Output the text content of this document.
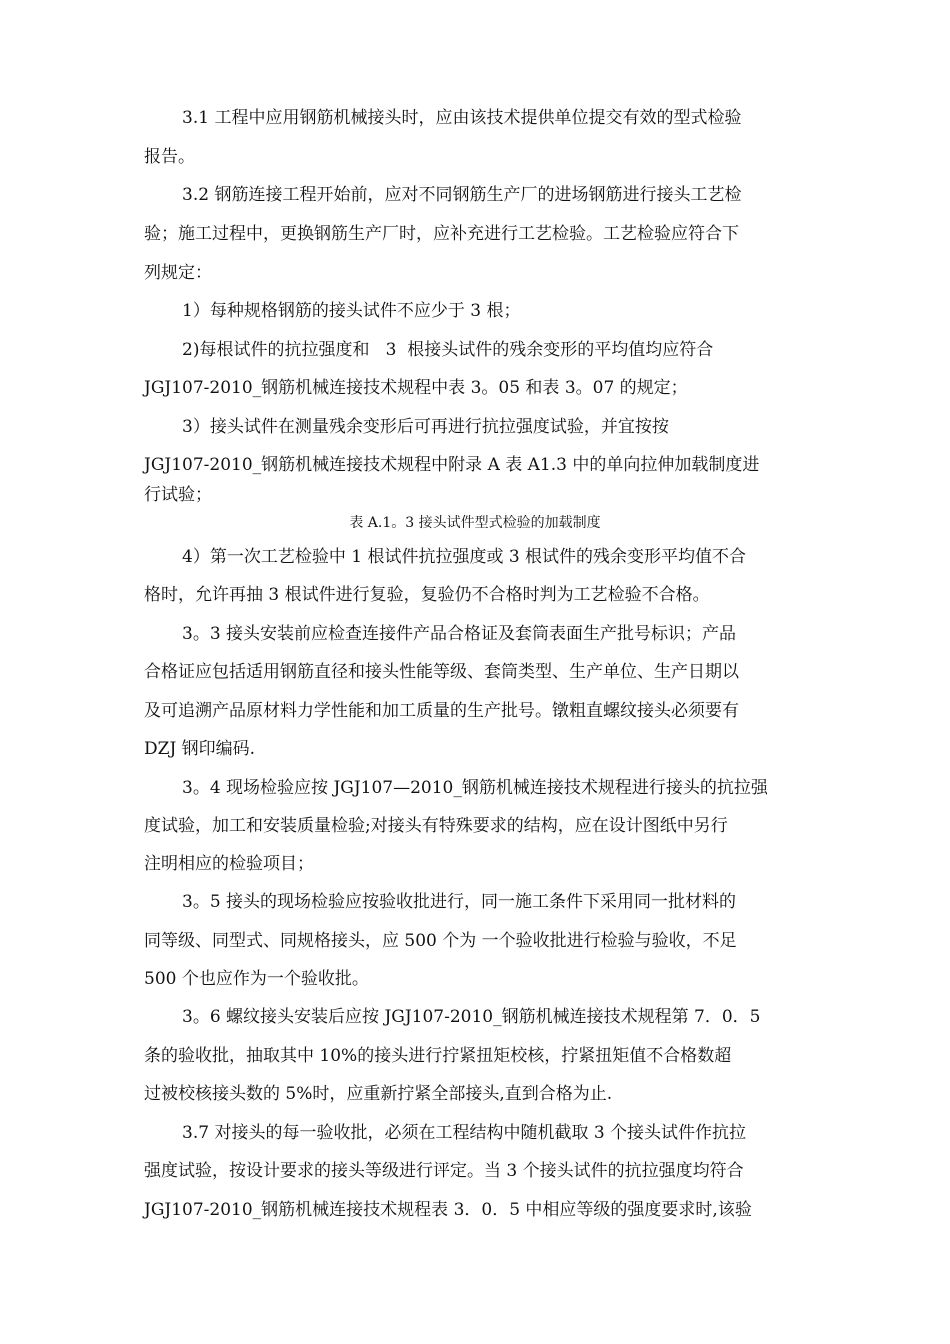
3.1 工程中应用钢筋机械接头时，应由该技术提供单位提交有效的型式检验
报告。
3.2 钢筋连接工程开始前，应对不同钢筋生产厂的进场钢筋进行接头工艺检
验；施工过程中，更换钢筋生产厂时，应补充进行工艺检验。工艺检验应符合下
列规定：
1）每种规格钢筋的接头试件不应少于 3 根；
2)每根试件的抗拉强度和   3  根接头试件的残余变形的平均值均应符合
JGJ107-2010_钢筋机械连接技术规程中表 3。05 和表 3。07 的规定；
3）接头试件在测量残余变形后可再进行抗拉强度试验，并宜按按
JGJ107-2010_钢筋机械连接技术规程中附录 A 表 A1.3 中的单向拉伸加载制度进
行试验；
表 A.1。3 接头试件型式检验的加载制度
4）第一次工艺检验中 1 根试件抗拉强度或 3 根试件的残余变形平均值不合
格时，允许再抽 3 根试件进行复验，复验仍不合格时判为工艺检验不合格。
3。3 接头安装前应检查连接件产品合格证及套筒表面生产批号标识；产品
合格证应包括适用钢筋直径和接头性能等级、套筒类型、生产单位、生产日期以
及可追溯产品原材料力学性能和加工质量的生产批号。镦粗直螺纹接头必须要有
DZJ 钢印编码.
3。4 现场检验应按 JGJ107—2010_钢筋机械连接技术规程进行接头的抗拉强
度试验，加工和安装质量检验;对接头有特殊要求的结构，应在设计图纸中另行
注明相应的检验项目；
3。5 接头的现场检验应按验收批进行，同一施工条件下采用同一批材料的
同等级、同型式、同规格接头，应 500 个为 一个验收批进行检验与验收，不足
500 个也应作为一个验收批。
3。6 螺纹接头安装后应按 JGJ107-2010_钢筋机械连接技术规程第 7．0．5
条的验收批，抽取其中 10%的接头进行拧紧扭矩校核，拧紧扭矩值不合格数超
过被校核接头数的 5%时，应重新拧紧全部接头,直到合格为止.
3.7 对接头的每一验收批，必须在工程结构中随机截取 3 个接头试件作抗拉
强度试验，按设计要求的接头等级进行评定。当 3 个接头试件的抗拉强度均符合
JGJ107-2010_钢筋机械连接技术规程表 3．0．5 中相应等级的强度要求时,该验
